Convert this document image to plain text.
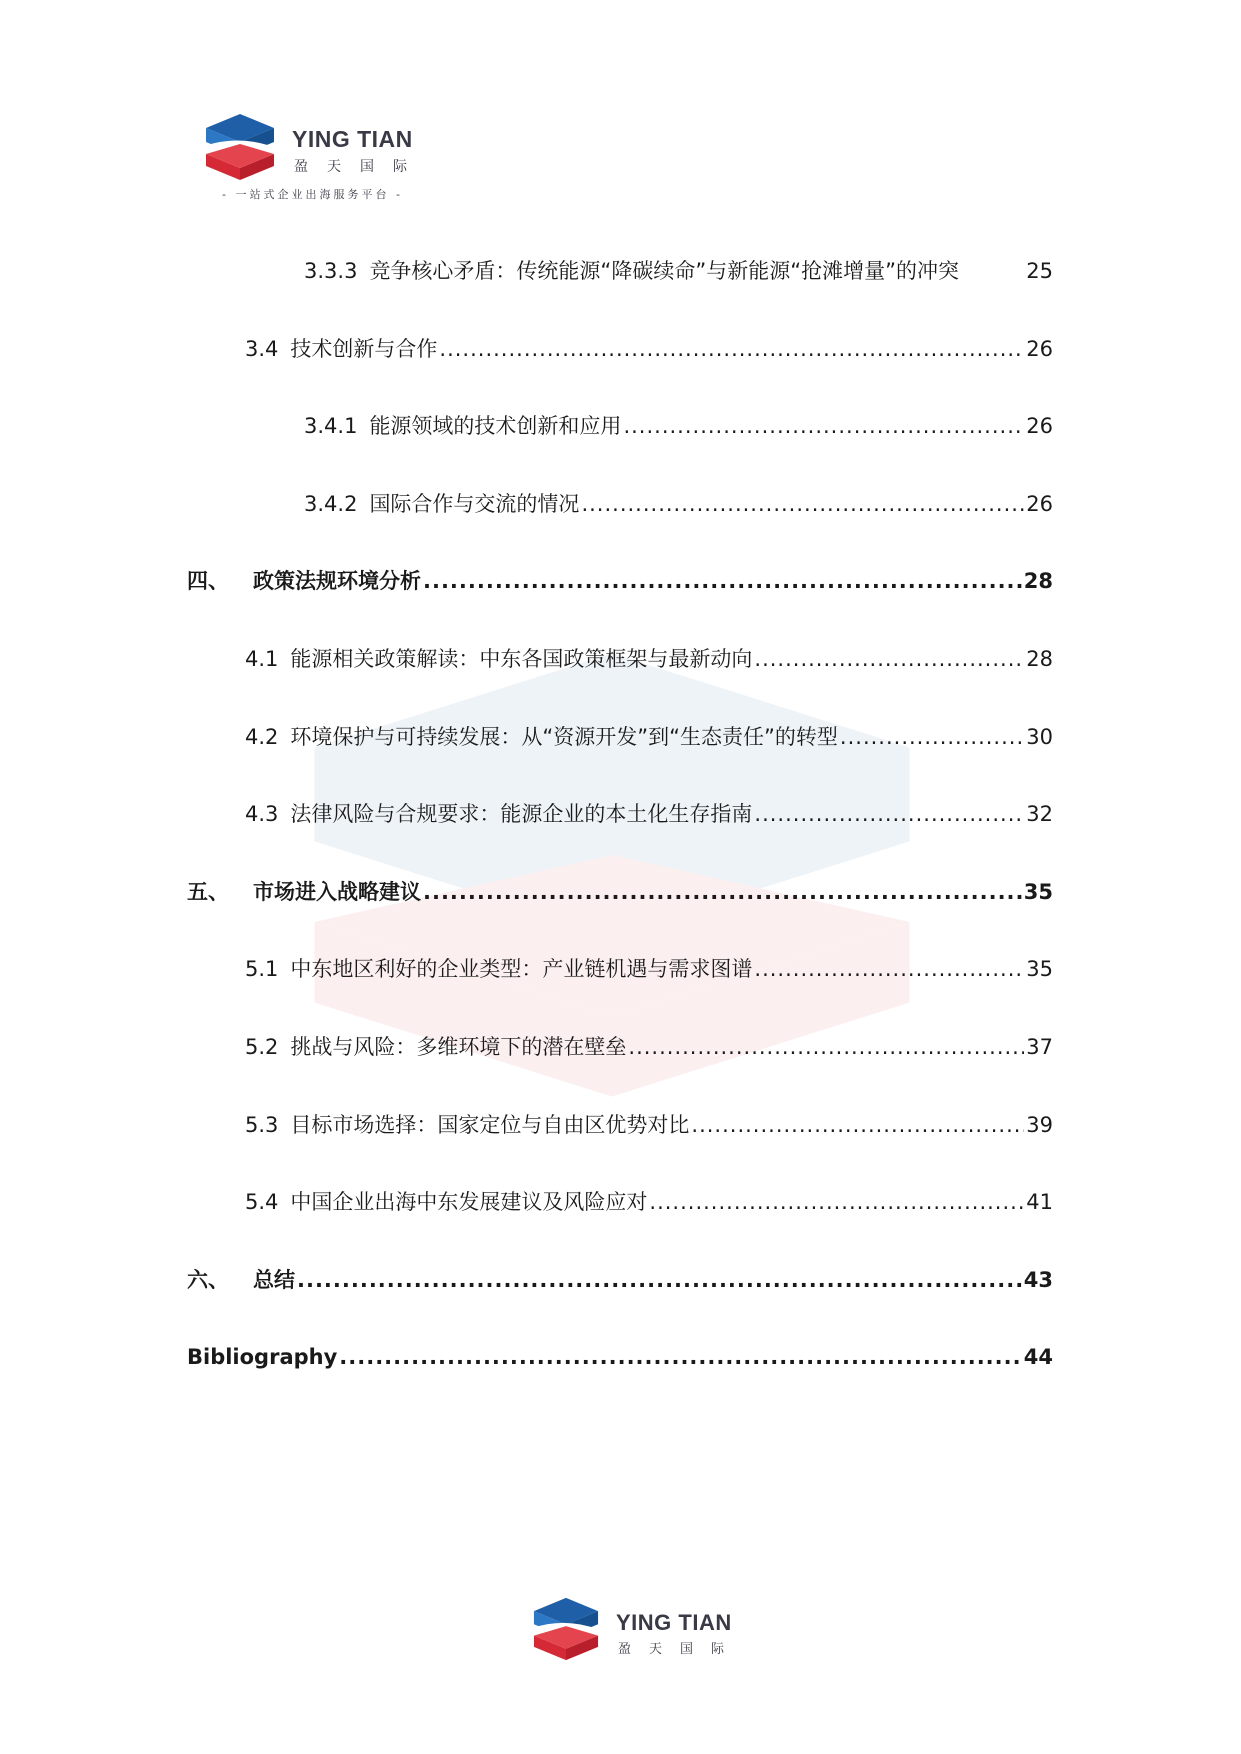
YING TIAN
盈天国际
- 一站式企业出海服务平台 -
3.3.3 竞争核心矛盾：传统能源“降碳续命”与新能源“抢滩增量”的冲突	25
3.4 技术创新与合作 .....	26
3.4.1 能源领域的技术创新和应用 .....	26
3.4.2 国际合作与交流的情况 .....	26
四、 政策法规环境分析 .....	28
4.1 能源相关政策解读：中东各国政策框架与最新动向 .....	28
4.2 环境保护与可持续发展：从“资源开发”到“生态责任”的转型 .....	30
4.3 法律风险与合规要求：能源企业的本土化生存指南 .....	32
五、 市场进入战略建议 .....	35
5.1 中东地区利好的企业类型：产业链机遇与需求图谱 .....	35
5.2 挑战与风险：多维环境下的潜在壁垒 .....	37
5.3 目标市场选择：国家定位与自由区优势对比 .....	39
5.4 中国企业出海中东发展建议及风险应对 .....	41
六、 总结 .....	43
Bibliography .....	44
YING TIAN
盈天国际
